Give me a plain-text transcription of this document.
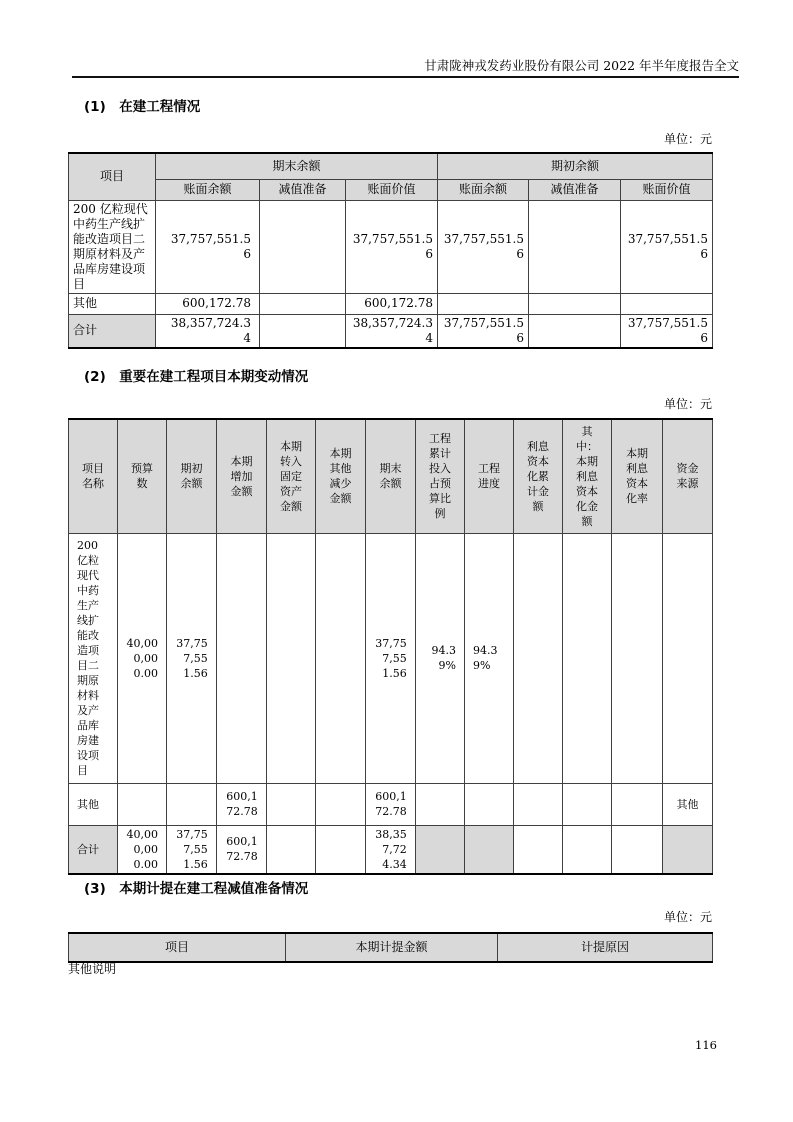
甘肃陇神戎发药业股份有限公司 2022 年半年度报告全文
(1)　在建工程情况
单位：元
项目	期末余额			期初余额		
	账面余额	减值准备	账面价值	账面余额	减值准备	账面价值
200 亿粒现代中药生产线扩能改造项目二期原材料及产品库房建设项目	37,757,551.56		37,757,551.56	37,757,551.56		37,757,551.56
其他	600,172.78		600,172.78			
合计	38,357,724.34		38,357,724.34	37,757,551.56		37,757,551.56
(2)　重要在建工程项目本期变动情况
单位：元
项目名称	预算数	期初余额	本期增加金额	本期转入固定资产金额	本期其他减少金额	期末余额	工程累计投入占预算比例	工程进度	利息资本化累计金额	其中：本期利息资本化金额	本期利息资本化率	资金来源
200 亿粒现代中药生产线扩能改造项目二期原材料及产品库房建设项目	40,000,000.00	37,757,551.56				37,757,551.56	94.39%	94.39%				
其他			600,172.78			600,172.78						其他
合计	40,000,000.00	37,757,551.56	600,172.78			38,357,724.34						
(3)　本期计提在建工程减值准备情况
单位：元
项目	本期计提金额	计提原因
其他说明
116
